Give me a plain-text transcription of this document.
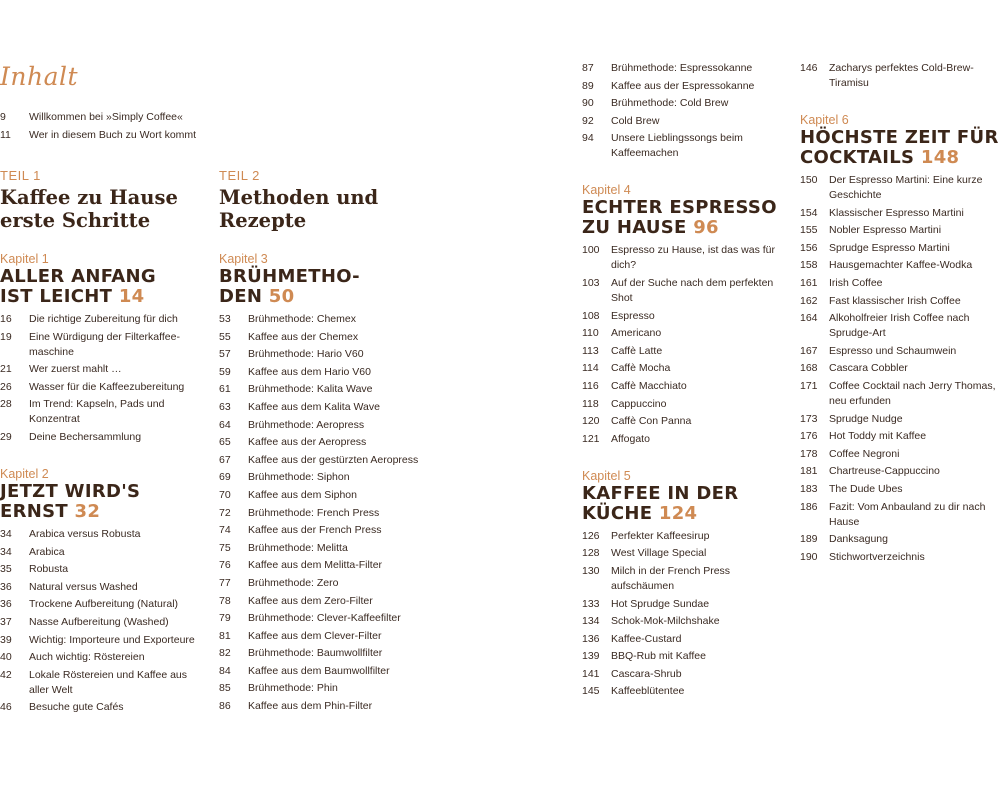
Inhalt
9	Willkommen bei »Simply Coffee«
11	Wer in diesem Buch zu Wort kommt
TEIL 1
Kaffee zu Hause
erste Schritte
Kapitel 1
ALLER ANFANG
IST LEICHT 14
16	Die richtige Zubereitung für dich
19	Eine Würdigung der Filterkaffee-maschine
21	Wer zuerst mahlt …
26	Wasser für die Kaffeezubereitung
28	Im Trend: Kapseln, Pads und Konzentrat
29	Deine Bechersammlung
Kapitel 2
JETZT WIRD'S
ERNST 32
34	Arabica versus Robusta
34	Arabica
35	Robusta
36	Natural versus Washed
36	Trockene Aufbereitung (Natural)
37	Nasse Aufbereitung (Washed)
39	Wichtig: Importeure und Exporteure
40	Auch wichtig: Röstereien
42	Lokale Röstereien und Kaffee aus aller Welt
46	Besuche gute Cafés
TEIL 2
Methoden und
Rezepte
Kapitel 3
BRÜHMETHO-
DEN 50
53	Brühmethode: Chemex
55	Kaffee aus der Chemex
57	Brühmethode: Hario V60
59	Kaffee aus dem Hario V60
61	Brühmethode: Kalita Wave
63	Kaffee aus dem Kalita Wave
64	Brühmethode: Aeropress
65	Kaffee aus der Aeropress
67	Kaffee aus der gestürzten Aeropress
69	Brühmethode: Siphon
70	Kaffee aus dem Siphon
72	Brühmethode: French Press
74	Kaffee aus der French Press
75	Brühmethode: Melitta
76	Kaffee aus dem Melitta-Filter
77	Brühmethode: Zero
78	Kaffee aus dem Zero-Filter
79	Brühmethode: Clever-Kaffeefilter
81	Kaffee aus dem Clever-Filter
82	Brühmethode: Baumwollfilter
84	Kaffee aus dem Baumwollfilter
85	Brühmethode: Phin
86	Kaffee aus dem Phin-Filter
87	Brühmethode: Espressokanne
89	Kaffee aus der Espressokanne
90	Brühmethode: Cold Brew
92	Cold Brew
94	Unsere Lieblingssongs beim Kaffeemachen
Kapitel 4
ECHTER ESPRESSO
ZU HAUSE 96
100	Espresso zu Hause, ist das was für dich?
103	Auf der Suche nach dem perfekten Shot
108	Espresso
110	Americano
113	Caffè Latte
114	Caffè Mocha
116	Caffè Macchiato
118	Cappuccino
120	Caffè Con Panna
121	Affogato
Kapitel 5
KAFFEE IN DER
KÜCHE 124
126	Perfekter Kaffeesirup
128	West Village Special
130	Milch in der French Press aufschäumen
133	Hot Sprudge Sundae
134	Schok-Mok-Milchshake
136	Kaffee-Custard
139	BBQ-Rub mit Kaffee
141	Cascara-Shrub
145	Kaffeeblütentee
146	Zacharys perfektes Cold-Brew-Tiramisu
Kapitel 6
HÖCHSTE ZEIT FÜR
COCKTAILS 148
150	Der Espresso Martini: Eine kurze Geschichte
154	Klassischer Espresso Martini
155	Nobler Espresso Martini
156	Sprudge Espresso Martini
158	Hausgemachter Kaffee-Wodka
161	Irish Coffee
162	Fast klassischer Irish Coffee
164	Alkoholfreier Irish Coffee nach Sprudge-Art
167	Espresso und Schaumwein
168	Cascara Cobbler
171	Coffee Cocktail nach Jerry Thomas, neu erfunden
173	Sprudge Nudge
176	Hot Toddy mit Kaffee
178	Coffee Negroni
181	Chartreuse-Cappuccino
183	The Dude Ubes
186	Fazit: Vom Anbauland zu dir nach Hause
189	Danksagung
190	Stichwortverzeichnis
